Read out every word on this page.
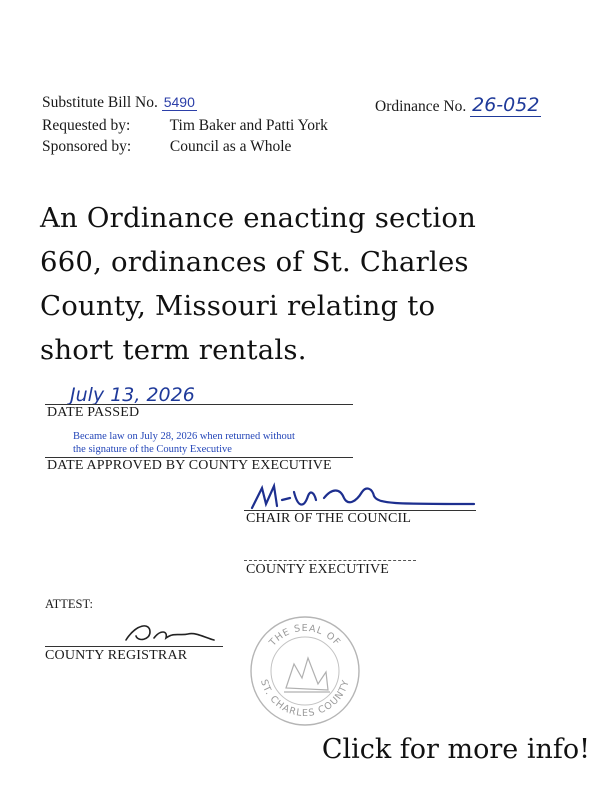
Substitute Bill No. 5490	Ordinance No. 26-052
Requested by:	Tim Baker and Patti York
Sponsored by:	Council as a Whole
An Ordinance enacting section
660, ordinances of St. Charles
County, Missouri relating to
short term rentals.
July 13, 2026
DATE PASSED
Became law on July 28, 2026 when returned without
the signature of the County Executive
DATE APPROVED BY COUNTY EXECUTIVE
CHAIR OF THE COUNCIL
COUNTY EXECUTIVE
ATTEST:
COUNTY REGISTRAR
THE SEAL OF
ST. CHARLES COUNTY
Click for more info!
